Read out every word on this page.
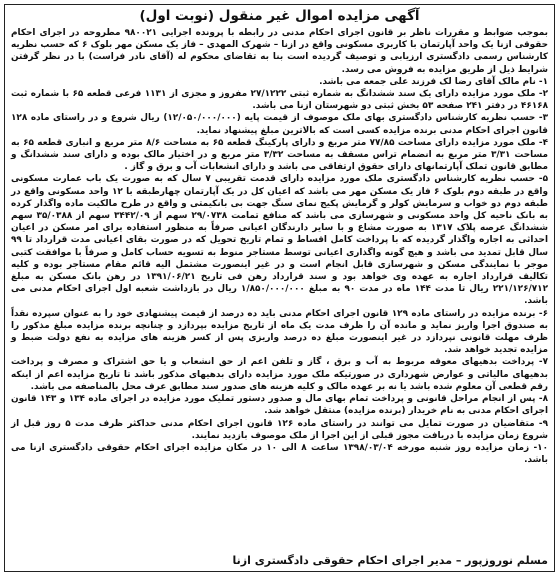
آگهی مزایده اموال غیر منقول (نوبت اول)

بموجب ضوابط و مقررات ناظر بر قانون اجرای احکام مدنی در رابطه با پرونده اجرایی ۹۸۰۰۲۱ مطروحه در اجرای احکام حقوقی ازنا یک واحد آپارتمان با کاربری مسکونی واقع در ازنا – شهرک المهدی – فاز یک مسکن مهر بلوک ۶ که حسب نظریه کارشناس رسمی دادگستری ارزیابی و توصیف گردیده است بنا به تقاضای محکوم له (آقای نادر فراست) با در نظر گرفتن شرایط ذیل از طریق مزایده به فروش می رسد.

۱- نام مالک آقای رضا لک فرزند علی جمعه می باشد.

۲- ملک مورد مزایده دارای یک سند ششدانگ به شماره ثبتی ۲۷/۱۲۲۲ مفروز و مجزی از ۱۱۳۱ فرعی قطعه ۶۵ با شماره ثبت ۴۶۱۶۸ در دفتر ۲۴۱ صفحه ۵۳ بخش ثبتی دو شهرستان ازنا می باشد.

۳- حسب نظریه کارشناس دادگستری بهای ملک موصوف از قیمت پایه (۱۲/۰۵۰/۰۰۰/۰۰۰) ریال شروع و در راستای ماده ۱۲۸ قانون اجرای احکام مدنی برنده مزایده کسی است که بالاترین مبلغ پیشنهاد نماید.

۴- ملک مورد مزایده دارای مساحت ۷۷/۸۵ متر مربع و دارای پارکینگ قطعه ۶۵ به مساحت ۸/۶ متر مربع و انباری قطعه ۶۵ به مساحت ۳/۳۱ متر مربع به انضمام تراس مسقف به مساحت ۳/۳۲ متر مربع و در اختیار مالک بوده و دارای سند ششدانگ و مطابق قانون تملک آپارتمانهای دارای حقوق ارتفاقی می باشد و دارای انشعابات آب و برق و گاز .

۵- حسب نظریه کارشناس دادگستری ملک مورد مزایده دارای قدمت تقریبی ۷ سال که به صورت یک باب عمارت مسکونی واقع در طبقه دوم بلوک ۶ فاز یک مسکن مهر می باشد که اعیان کل در یک آپارتمان چهارطبقه با ۱۲ واحد مسکونی واقع در طبقه دوم دو خواب و سرمایش کولر و گرمایش پکیج نمای سنگ جهت بی بانکیمتی و واقع در طرح مالکیت ماده واگذار کرده به بانک ناحیه کل واحد مسکونی و شهرسازی می باشد که منافع تمامت ۲۹/۰۷۳۸ سهم از ۳۴۴۲/۰۹ سهم از ۳۵/۰۳۸۸ سهم ششدانگ عرصه پلاک ۱۳۱۷ به صورت مشاع و با سایر دارندگان اعیانی صرفاً به منظور استفاده برای امر مسکن در اعیان احداثی به اجاره واگذار گردیده که با پرداخت کامل اقساط و تمام تاریخ تحویل که در صورت بقای اعیانی مدت قرارداد تا ۹۹ سال قابل تمدید می باشد و هیچ گونه واگذاری اعیانی توسط مستاجر منوط به تسویه حساب کامل و صرفاً با موافقت کتبی موجر با نمایندگی مسکن و شهرسازی قابل انجام است و در غیر اینصورت مشتمل الیه قائم مقام مستاجر بوده و کلیه تکالیف قرارداد اجاره به عهده وی خواهد بود و سند قرارداد رهن فی تاریخ ۱۳۹۱/۰۶/۲۱ در رهن بانک مسکن به مبلغ ۲۲۱/۱۲۶/۷۱۲ ریال تا مدت ۱۴۴ ماه در مدت ۹۰ به مبلغ ۱/۸۵۰/۰۰۰/۰۰۰ ریال در بازداشت شعبه اول اجرای احکام مدنی می باشد.

۶- برنده مزایده در راستای ماده ۱۲۹ قانون اجرای احکام مدنی باید ده درصد از قیمت پیشنهادی خود را به عنوان سپرده نقداً به صندوق اجرا واریز نماید و مانده آن را ظرف مدت یک ماه از تاریخ مزایده بپردازد و چنانچه برنده مزایده مبلغ مذکور را ظرف مهلت قانونی نپردازد در غیر اینصورت مبلغ ده درصد واریزی پس از کسر هزینه های مزایده به نفع دولت ضبط و مزایده تجدید خواهد شد.

۷- پرداخت بدهیهای معوقه مربوط به آب و برق ، گاز و تلفن اعم از حق انشعاب و یا حق اشتراک و مصرف و پرداخت بدهیهای مالیاتی و عوارض شهرداری در صورتیکه ملک مورد مزایده دارای بدهیهای مذکور باشد تا تاریخ مزایده اعم از اینکه رقم قطعی آن معلوم شده باشد یا نه بر عهده مالک و کلیه هزینه های صدور سند مطابق عرف محل بالمناصفه می باشد.

۸- پس از انجام مراحل قانونی و پرداخت تمام بهای مال و صدور دستور تملیک مورد مزایده در اجرای ماده ۱۳۴ و ۱۴۳ قانون اجرای احکام مدنی به نام خریدار (برنده مزایده) منتقل خواهد شد.

۹- متقاضیان در صورت تمایل می توانند در راستای ماده ۱۲۶ قانون اجرای احکام مدنی حداکثر ظرف مدت ۵ روز قبل از شروع زمان مزایده با دریافت مجوز قبلی از این اجرا از ملک موصوف بازدید نمایند.

۱۰- زمان مزایده روز شنبه مورخه ۱۳۹۸/۰۳/۰۴ ساعت ۸ الی ۱۰ در مکان مزایده اجرای احکام حقوقی دادگستری ازنا می باشد.

مسلم نوروزپور – مدیر اجرای احکام حقوقی دادگستری ازنا
